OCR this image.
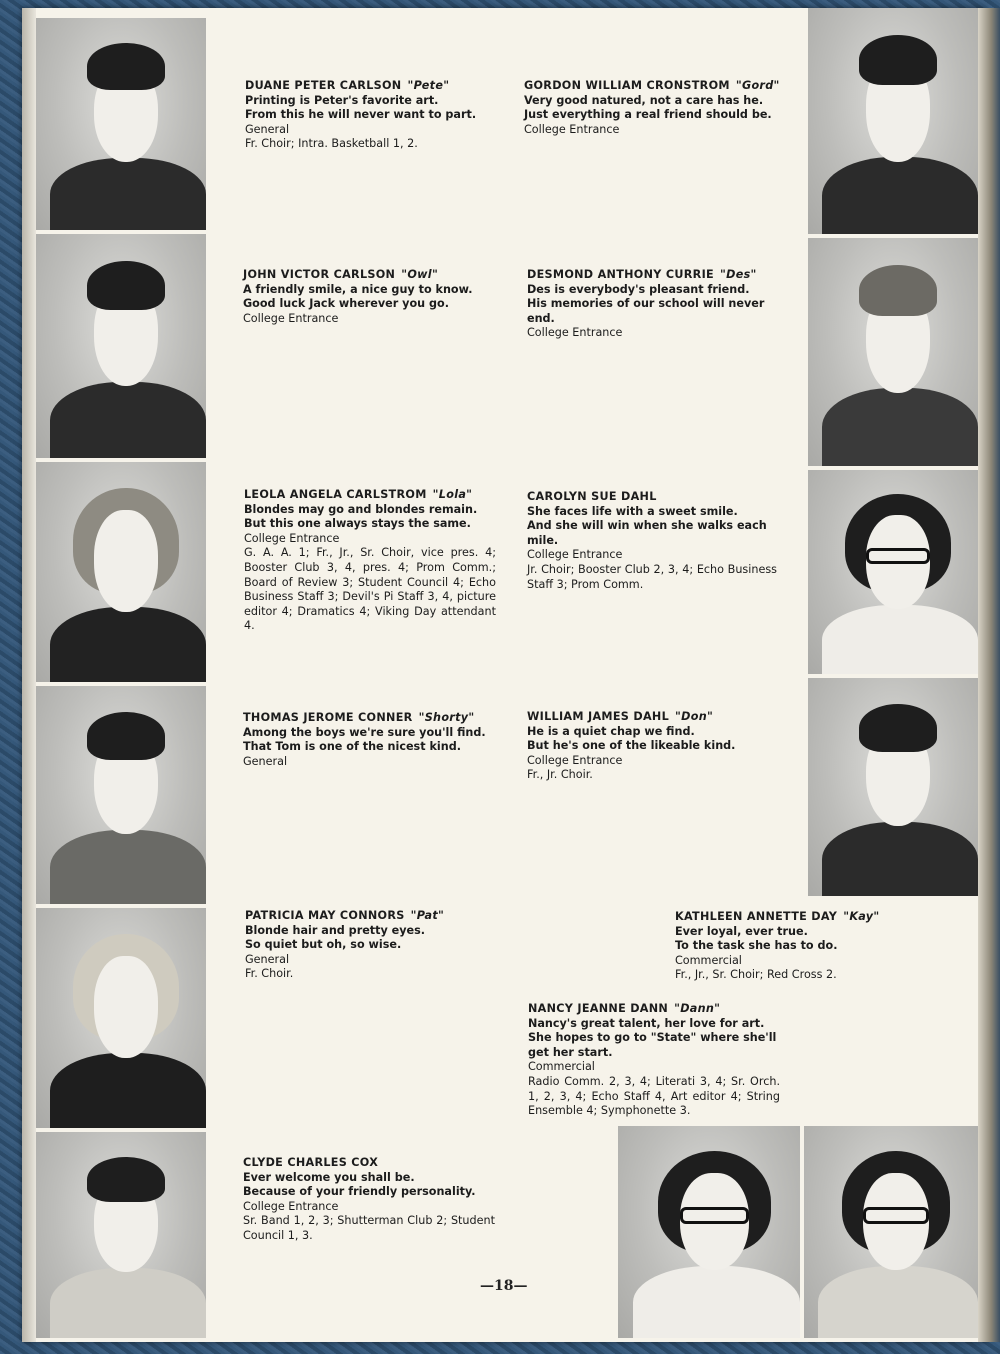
DUANE PETER CARLSON "Pete"
Printing is Peter's favorite art.
From this he will never want to part.
General
Fr. Choir; Intra. Basketball 1, 2.
GORDON WILLIAM CRONSTROM "Gord"
Very good natured, not a care has he.
Just everything a real friend should be.
College Entrance
JOHN VICTOR CARLSON "Owl"
A friendly smile, a nice guy to know.
Good luck Jack wherever you go.
College Entrance
DESMOND ANTHONY CURRIE "Des"
Des is everybody's pleasant friend.
His memories of our school will never
end.
College Entrance
LEOLA ANGELA CARLSTROM "Lola"
Blondes may go and blondes remain.
But this one always stays the same.
College Entrance
G. A. A. 1; Fr., Jr., Sr. Choir, vice pres. 4; Booster Club 3, 4, pres. 4; Prom Comm.; Board of Review 3; Student Council 4; Echo Business Staff 3; Devil's Pi Staff 3, 4, picture editor 4; Dramatics 4; Viking Day attendant 4.
CAROLYN SUE DAHL
She faces life with a sweet smile.
And she will win when she walks each
mile.
College Entrance
Jr. Choir; Booster Club 2, 3, 4; Echo Business Staff 3; Prom Comm.
THOMAS JEROME CONNER "Shorty"
Among the boys we're sure you'll find.
That Tom is one of the nicest kind.
General
WILLIAM JAMES DAHL "Don"
He is a quiet chap we find.
But he's one of the likeable kind.
College Entrance
Fr., Jr. Choir.
PATRICIA MAY CONNORS "Pat"
Blonde hair and pretty eyes.
So quiet but oh, so wise.
General
Fr. Choir.
KATHLEEN ANNETTE DAY "Kay"
Ever loyal, ever true.
To the task she has to do.
Commercial
Fr., Jr., Sr. Choir; Red Cross 2.
NANCY JEANNE DANN "Dann"
Nancy's great talent, her love for art.
She hopes to go to "State" where she'll
get her start.
Commercial
Radio Comm. 2, 3, 4; Literati 3, 4; Sr. Orch. 1, 2, 3, 4; Echo Staff 4, Art editor 4; String Ensemble 4; Symphonette 3.
CLYDE CHARLES COX
Ever welcome you shall be.
Because of your friendly personality.
College Entrance
Sr. Band 1, 2, 3; Shutterman Club 2; Student Council 1, 3.
—18—
